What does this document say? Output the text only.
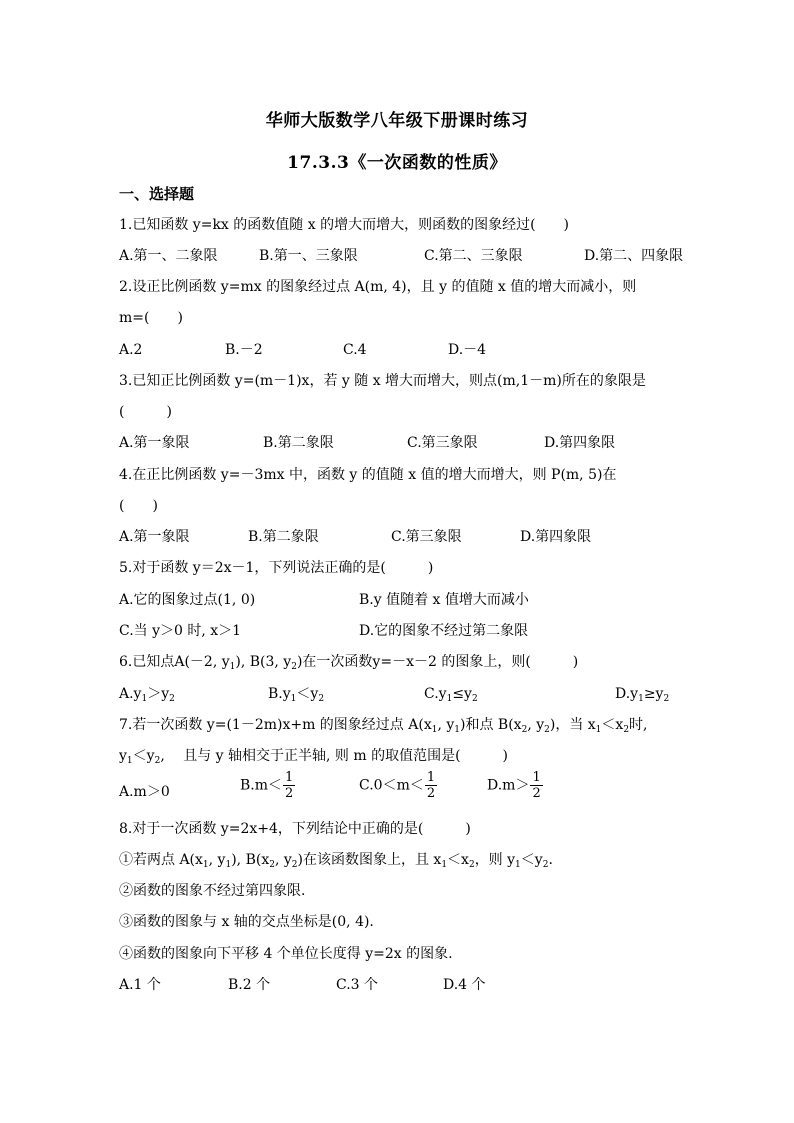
华师大版数学八年级下册课时练习
17.3.3《一次函数的性质》
一、选择题
1.已知函数 y=kx 的函数值随 x 的增大而增大，则函数的图象经过(　　)
A.第一、二象限	B.第一、三象限	C.第二、三象限	D.第二、四象限
2.设正比例函数 y=mx 的图象经过点 A(m, 4)，且 y 的值随 x 值的增大而减小，则
m=(　　)
A.2	B.－2	C.4	D.－4
3.已知正比例函数 y=(m－1)x，若 y 随 x 增大而增大，则点(m,1－m)所在的象限是
(　　　)
A.第一象限	B.第二象限	C.第三象限	D.第四象限
4.在正比例函数 y=－3mx 中，函数 y 的值随 x 值的增大而增大，则 P(m, 5)在
(　　)
A.第一象限	B.第二象限	C.第三象限	D.第四象限
5.对于函数 y＝2x－1，下列说法正确的是(　　　)
A.它的图象过点(1, 0)	B.y 值随着 x 值增大而减小
C.当 y＞0 时, x＞1	D.它的图象不经过第二象限
6.已知点A(－2, $y_1$), B(3, $y_2$)在一次函数y=－x－2 的图象上，则(　　　)
$A.y_1>y_2$	$B.y_1<y_2$	$C.y_1\le y_2$	$D.y_1\ge y_2$
7.若一次函数 y=(1－2m)x+m 的图象经过点 $A(x_1$, $y_1$)和点 $B(x_2$, $y_2$)，当 $x_1<x_2$时,
$y_1<y_2$, 　且与 y 轴相交于正半轴, 则 m 的取值范围是(　　　)
A.m＞0	$B.m< \frac{1}{2}$	$C.0<m< \frac{1}{2}$	$D.m> \frac{1}{2}$
8.对于一次函数 y=2x+4，下列结论中正确的是(　　　)
①若两点 $A(x_1$, $y_1$), $B(x_2$, $y_2$)在该函数图象上，且 $x_1<x_2$，则 $y_1<y_2$.
②函数的图象不经过第四象限.
③函数的图象与 x 轴的交点坐标是(0, 4).
④函数的图象向下平移 4 个单位长度得 y=2x 的图象.
A.1 个	B.2 个	C.3 个	D.4 个
